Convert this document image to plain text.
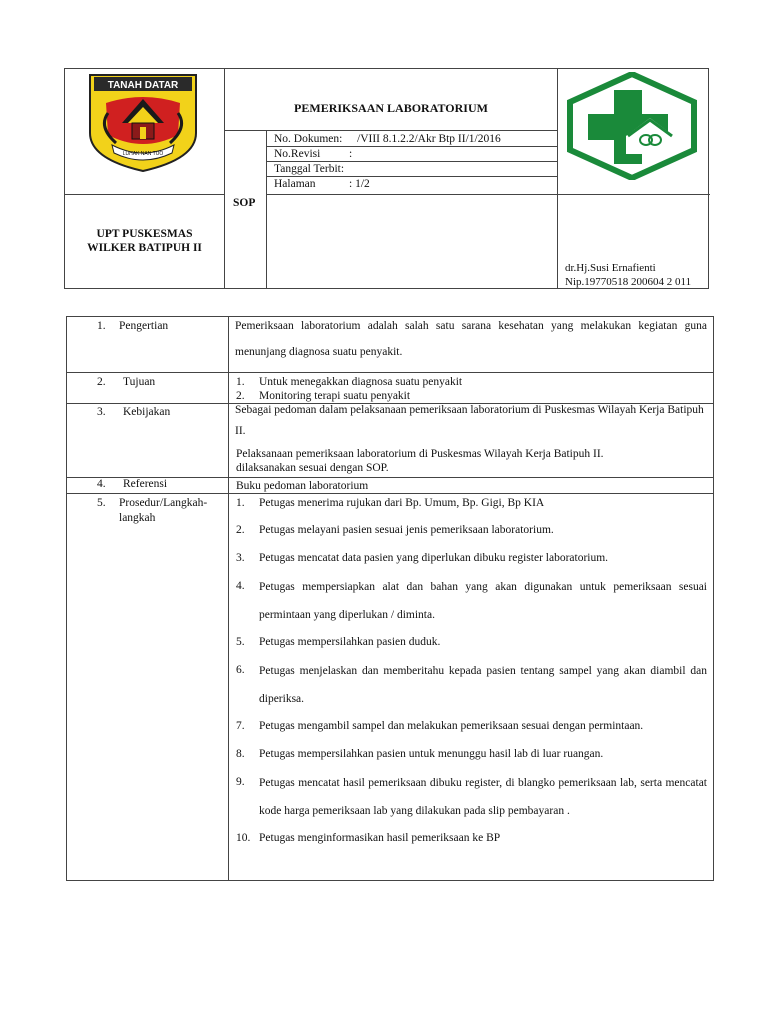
TANAH DATAR
LUHAK NAN TUO
PEMERIKSAAN LABORATORIUM
SOP
UPT PUSKESMAS
WILKER BATIPUH II
No. Dokumen: /VIII 8.1.2.2/Akr Btp II/1/2016
No.Revisi :
Tanggal Terbit:
Halaman	: 1/2
dr.Hj.Susi Ernafienti
Nip.19770518 200604 2 011
1. Pengertian	Pemeriksaan laboratorium adalah salah satu sarana kesehatan yang melakukan kegiatan guna menunjang diagnosa suatu penyakit.
2. Tujuan	1. Untuk menegakkan diagnosa suatu penyakit
2. Monitoring terapi suatu penyakit
3. Kebijakan	Sebagai pedoman dalam pelaksanaan pemeriksaan laboratorium di Puskesmas Wilayah Kerja Batipuh II.
Pelaksanaan pemeriksaan laboratorium di Puskesmas Wilayah Kerja Batipuh II.
dilaksanakan sesuai dengan SOP.
4. Referensi	Buku pedoman laboratorium
5. Prosedur/Langkah-
langkah
1. Petugas menerima rujukan dari Bp. Umum, Bp. Gigi, Bp KIA
2. Petugas melayani pasien sesuai jenis pemeriksaan laboratorium.
3. Petugas mencatat data pasien yang diperlukan dibuku register laboratorium.
4. Petugas mempersiapkan alat dan bahan yang akan digunakan untuk pemeriksaan sesuai permintaan yang diperlukan / diminta.
5. Petugas mempersilahkan pasien duduk.
6. Petugas menjelaskan dan memberitahu kepada pasien tentang sampel yang akan diambil dan diperiksa.
7. Petugas mengambil sampel dan melakukan pemeriksaan sesuai dengan permintaan.
8. Petugas mempersilahkan pasien untuk menunggu hasil lab di luar ruangan.
9. Petugas mencatat hasil pemeriksaan dibuku register, di blangko pemeriksaan lab, serta mencatat kode harga pemeriksaan lab yang dilakukan pada slip pembayaran .
10. Petugas menginformasikan hasil pemeriksaan ke BP
